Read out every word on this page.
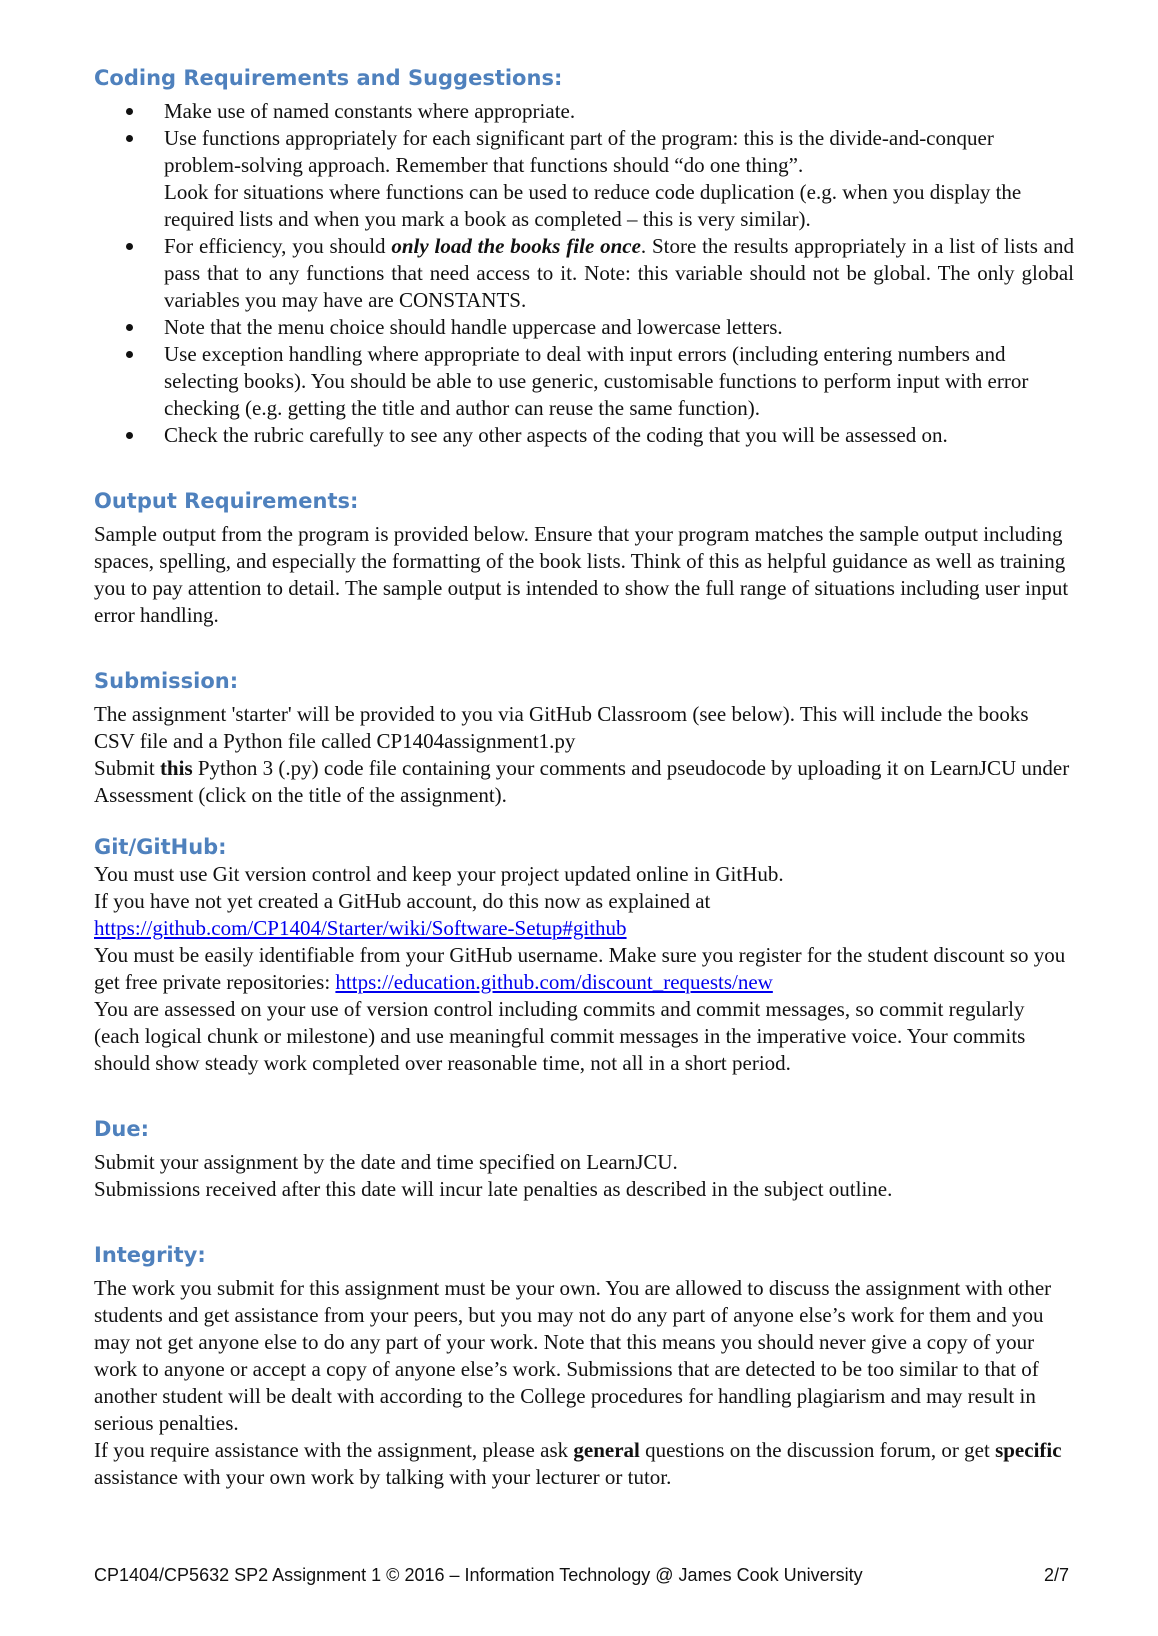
Coding Requirements and Suggestions:
Make use of named constants where appropriate.
Use functions appropriately for each significant part of the program: this is the divide-and-conquer problem-solving approach. Remember that functions should “do one thing”.
Look for situations where functions can be used to reduce code duplication (e.g. when you display the required lists and when you mark a book as completed – this is very similar).
For efficiency, you should only load the books file once. Store the results appropriately in a list of lists and pass that to any functions that need access to it. Note: this variable should not be global. The only global variables you may have are CONSTANTS.
Note that the menu choice should handle uppercase and lowercase letters.
Use exception handling where appropriate to deal with input errors (including entering numbers and selecting books). You should be able to use generic, customisable functions to perform input with error checking (e.g. getting the title and author can reuse the same function).
Check the rubric carefully to see any other aspects of the coding that you will be assessed on.
Output Requirements:

Sample output from the program is provided below. Ensure that your program matches the sample output including spaces, spelling, and especially the formatting of the book lists. Think of this as helpful guidance as well as training you to pay attention to detail. The sample output is intended to show the full range of situations including user input error handling.

Submission:

The assignment 'starter' will be provided to you via GitHub Classroom (see below). This will include the books CSV file and a Python file called CP1404assignment1.py

Submit this Python 3 (.py) code file containing your comments and pseudocode by uploading it on LearnJCU under Assessment (click on the title of the assignment).

Git/GitHub:

You must use Git version control and keep your project updated online in GitHub.

If you have not yet created a GitHub account, do this now as explained at

https://github.com/CP1404/Starter/wiki/Software-Setup#github

You must be easily identifiable from your GitHub username. Make sure you register for the student discount so you get free private repositories: https://education.github.com/discount_requests/new

You are assessed on your use of version control including commits and commit messages, so commit regularly (each logical chunk or milestone) and use meaningful commit messages in the imperative voice. Your commits should show steady work completed over reasonable time, not all in a short period.

Due:

Submit your assignment by the date and time specified on LearnJCU.

Submissions received after this date will incur late penalties as described in the subject outline.

Integrity:

The work you submit for this assignment must be your own. You are allowed to discuss the assignment with other students and get assistance from your peers, but you may not do any part of anyone else’s work for them and you may not get anyone else to do any part of your work. Note that this means you should never give a copy of your work to anyone or accept a copy of anyone else’s work. Submissions that are detected to be too similar to that of another student will be dealt with according to the College procedures for handling plagiarism and may result in serious penalties.

If you require assistance with the assignment, please ask general questions on the discussion forum, or get specific assistance with your own work by talking with your lecturer or tutor.

CP1404/CP5632 SP2 Assignment 1 © 2016 – Information Technology @ James Cook University	2/7
